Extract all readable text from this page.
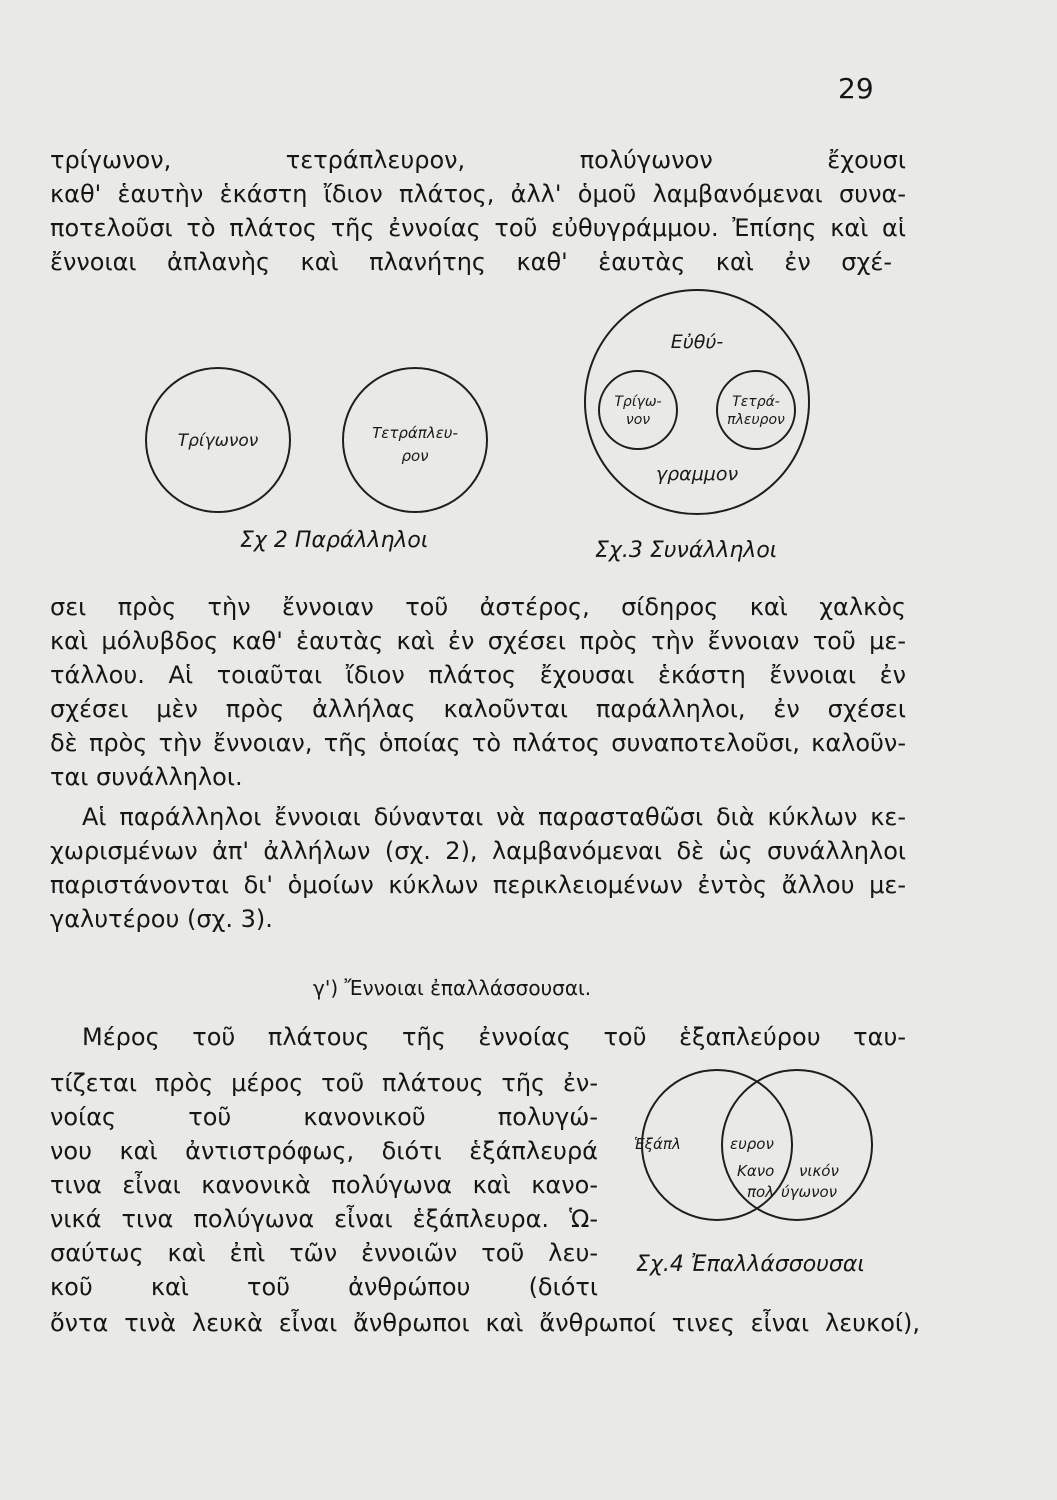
29
τρίγωνον, τετράπλευρον, πολύγωνον ἔχουσι
καθ' ἑαυτὴν ἑκάστη ἴδιον πλάτος, ἀλλ' ὁμοῦ λαμβανόμεναι συνα-
ποτελοῦσι τὸ πλάτος τῆς ἐννοίας τοῦ εὐθυγράμμου. Ἐπίσης καὶ αἱ
ἔννοιαι ἀπλανὴς καὶ πλανήτης καθ' ἑαυτὰς καὶ ἐν σχέ-
Τρίγωνον	Τετράπλευ-
ρον
Εὐθύ-
γραμμον
Τρίγω-
νον
Τετρά-
πλευρον
Σχ 2 Παράλληλοι	Σχ.3 Συνάλληλοι
σει πρὸς τὴν ἔννοιαν τοῦ ἀστέρος, σίδηρος καὶ χαλκὸς
καὶ μόλυβδος καθ' ἑαυτὰς καὶ ἐν σχέσει πρὸς τὴν ἔννοιαν τοῦ με-
τάλλου. Αἱ τοιαῦται ἴδιον πλάτος ἔχουσαι ἑκάστη ἔννοιαι ἐν
σχέσει μὲν πρὸς ἀλλήλας καλοῦνται παράλληλοι, ἐν σχέσει
δὲ πρὸς τὴν ἔννοιαν, τῆς ὁποίας τὸ πλάτος συναποτελοῦσι, καλοῦν-
ται συνάλληλοι.
Αἱ παράλληλοι ἔννοιαι δύνανται νὰ παρασταθῶσι διὰ κύκλων κε-
χωρισμένων ἀπ' ἀλλήλων (σχ. 2), λαμβανόμεναι δὲ ὡς συνάλληλοι
παριστάνονται δι' ὁμοίων κύκλων περικλειομένων ἐντὸς ἄλλου με-
γαλυτέρου (σχ. 3).
γ') Ἔννοιαι ἐπαλλάσσουσαι.
Μέρος τοῦ πλάτους τῆς ἐννοίας τοῦ ἑξαπλεύρου ταυ-
τίζεται πρὸς μέρος τοῦ πλάτους τῆς ἐν-
νοίας τοῦ κανονικοῦ πολυγώ-
νου καὶ ἀντιστρόφως, διότι ἑξάπλευρά
τινα εἶναι κανονικὰ πολύγωνα καὶ κανο-
νικά τινα πολύγωνα εἶναι ἑξάπλευρα. Ὡ-
σαύτως καὶ ἐπὶ τῶν ἐννοιῶν τοῦ λευ-
κοῦ καὶ τοῦ ἀνθρώπου (διότι
ὄντα τινὰ λευκὰ εἶναι ἄνθρωποι καὶ ἄνθρωποί τινες εἶναι λευκοί),
Ἑξάπλ	ευρον
Κανο νικόν
πολ ύγωνον
Σχ.4 Ἐπαλλάσσουσαι
